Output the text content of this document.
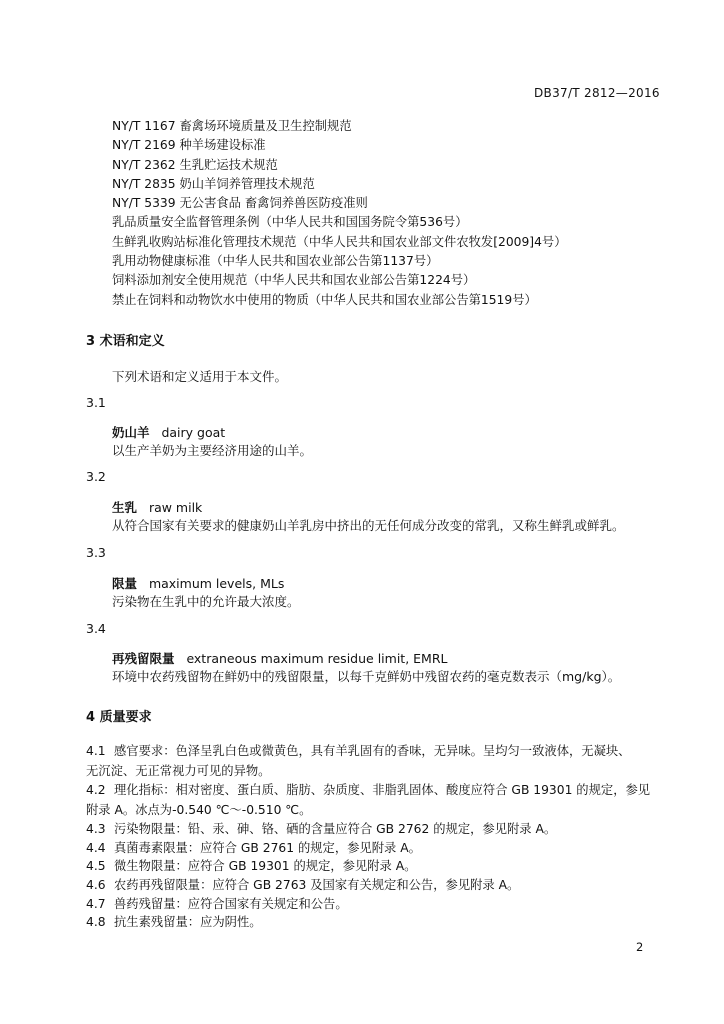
DB37/T 2812—2016
NY/T 1167 畜禽场环境质量及卫生控制规范
NY/T 2169 种羊场建设标准
NY/T 2362 生乳贮运技术规范
NY/T 2835 奶山羊饲养管理技术规范
NY/T 5339 无公害食品 畜禽饲养兽医防疫准则
乳品质量安全监督管理条例（中华人民共和国国务院令第536号）
生鲜乳收购站标准化管理技术规范（中华人民共和国农业部文件农牧发[2009]4号）
乳用动物健康标准（中华人民共和国农业部公告第1137号）
饲料添加剂安全使用规范（中华人民共和国农业部公告第1224号）
禁止在饲料和动物饮水中使用的物质（中华人民共和国农业部公告第1519号）
3 术语和定义
下列术语和定义适用于本文件。
3.1
奶山羊 dairy goat
以生产羊奶为主要经济用途的山羊。
3.2
生乳 raw milk
从符合国家有关要求的健康奶山羊乳房中挤出的无任何成分改变的常乳，又称生鲜乳或鲜乳。
3.3
限量 maximum levels, MLs
污染物在生乳中的允许最大浓度。
3.4
再残留限量 extraneous maximum residue limit, EMRL
环境中农药残留物在鲜奶中的残留限量，以每千克鲜奶中残留农药的毫克数表示（mg/kg）。
4 质量要求
4.1 感官要求：色泽呈乳白色或微黄色，具有羊乳固有的香味，无异味。呈均匀一致液体，无凝块、
无沉淀、无正常视力可见的异物。
4.2 理化指标：相对密度、蛋白质、脂肪、杂质度、非脂乳固体、酸度应符合 GB 19301 的规定，参见
附录 A。冰点为-0.540 ℃～-0.510 ℃。
4.3 污染物限量：铅、汞、砷、铬、硒的含量应符合 GB 2762 的规定，参见附录 A。
4.4 真菌毒素限量：应符合 GB 2761 的规定，参见附录 A。
4.5 微生物限量：应符合 GB 19301 的规定，参见附录 A。
4.6 农药再残留限量：应符合 GB 2763 及国家有关规定和公告，参见附录 A。
4.7 兽药残留量：应符合国家有关规定和公告。
4.8 抗生素残留量：应为阴性。
2
